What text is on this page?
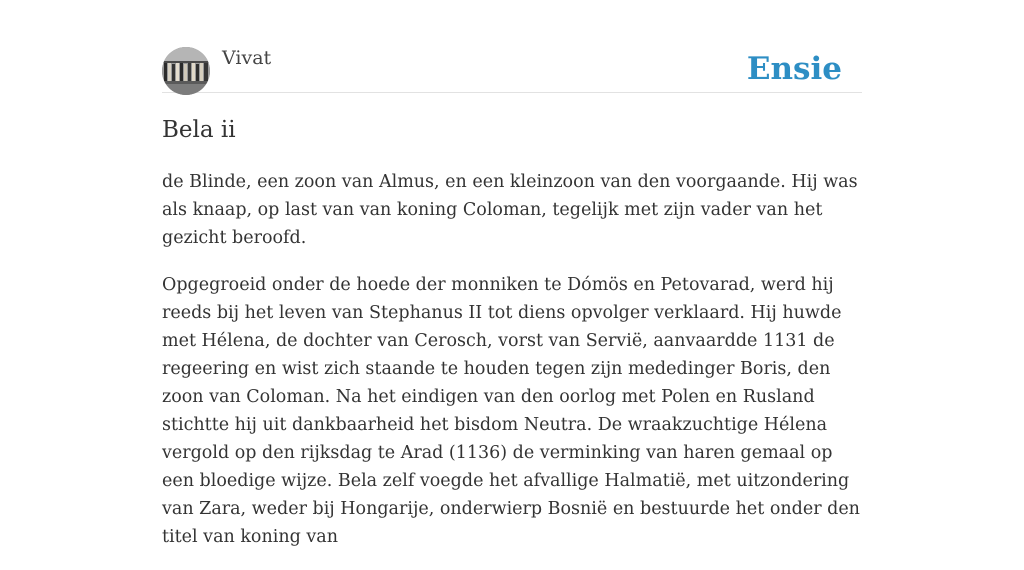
Vivat	Ensie
Bela ii

de Blinde, een zoon van Almus, en een kleinzoon van den voorgaande. Hij was als knaap, op last van van koning Coloman, tegelijk met zijn vader van het gezicht beroofd.

Opgegroeid onder de hoede der monniken te Dómös en Petovarad, werd hij reeds bij het leven van Stephanus II tot diens opvolger verklaard. Hij huwde met Hélena, de dochter van Cerosch, vorst van Servië, aanvaardde 1131 de regeering en wist zich staande te houden tegen zijn mededinger Boris, den zoon van Coloman. Na het eindigen van den oorlog met Polen en Rusland stichtte hij uit dankbaarheid het bisdom Neutra. De wraakzuchtige Hélena vergold op den rijksdag te Arad (1136) de verminking van haren gemaal op een bloedige wijze. Bela zelf voegde het afvallige Halmatië, met uitzondering van Zara, weder bij Hongarije, onderwierp Bosnië en bestuurde het onder den titel van koning van
